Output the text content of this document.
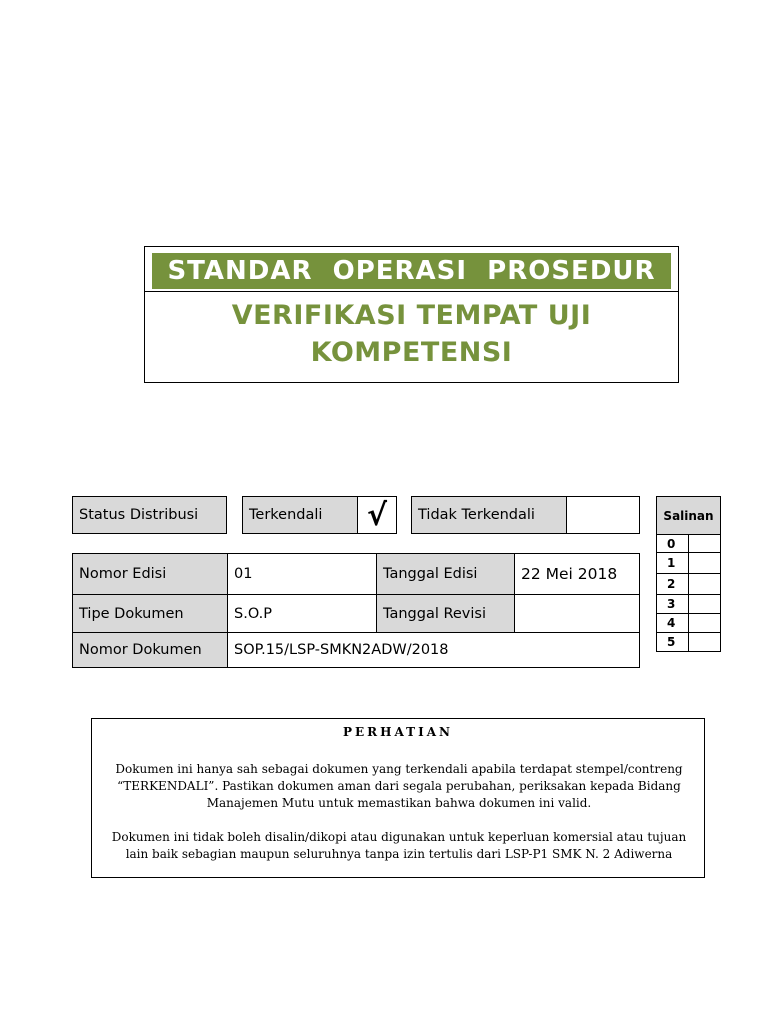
STANDAR  OPERASI  PROSEDUR
VERIFIKASI TEMPAT UJI
KOMPETENSI
Status Distribusi	Terkendali	√	Tidak Terkendali
Nomor Edisi	01	Tanggal Edisi	22 Mei 2018
Tipe Dokumen	S.O.P	Tanggal Revisi
Nomor Dokumen	SOP.15/LSP-SMKN2ADW/2018
Salinan
0
1
2
3
4
5
PERHATIAN
Dokumen ini hanya sah sebagai dokumen yang terkendali apabila terdapat stempel/contreng
“TERKENDALI”. Pastikan dokumen aman dari segala perubahan, periksakan kepada Bidang
Manajemen Mutu untuk memastikan bahwa dokumen ini valid.
Dokumen ini tidak boleh disalin/dikopi atau digunakan untuk keperluan komersial atau tujuan
lain baik sebagian maupun seluruhnya tanpa izin tertulis dari LSP-P1 SMK N. 2 Adiwerna
